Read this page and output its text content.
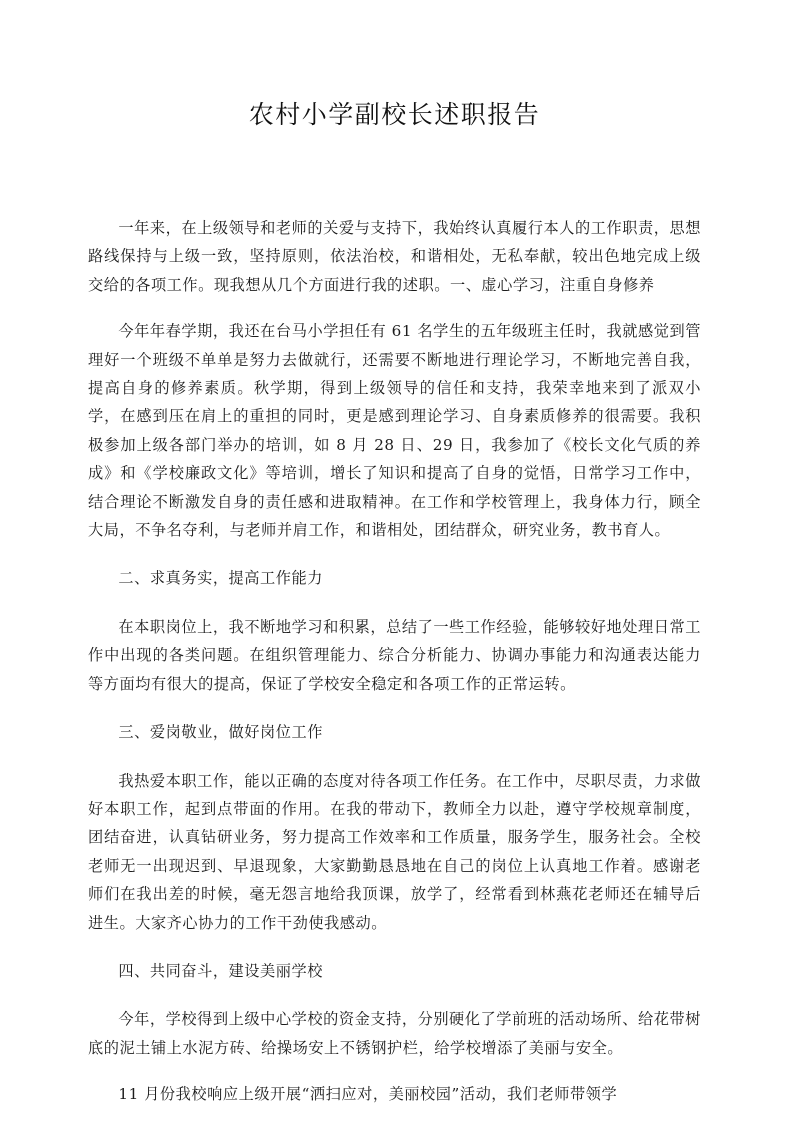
农村小学副校长述职报告

一年来，在上级领导和老师的关爱与支持下，我始终认真履行本人的工作职责，思想路线保持与上级一致，坚持原则，依法治校，和谐相处，无私奉献，较出色地完成上级交给的各项工作。现我想从几个方面进行我的述职。一、虚心学习，注重自身修养

今年年春学期，我还在台马小学担任有 61 名学生的五年级班主任时，我就感觉到管理好一个班级不单单是努力去做就行，还需要不断地进行理论学习，不断地完善自我，提高自身的修养素质。秋学期，得到上级领导的信任和支持，我荣幸地来到了派双小学，在感到压在肩上的重担的同时，更是感到理论学习、自身素质修养的很需要。我积极参加上级各部门举办的培训，如 8 月 28 日、29 日，我参加了《校长文化气质的养成》和《学校廉政文化》等培训，增长了知识和提高了自身的觉悟，日常学习工作中，结合理论不断激发自身的责任感和进取精神。在工作和学校管理上，我身体力行，顾全大局，不争名夺利，与老师并肩工作，和谐相处，团结群众，研究业务，教书育人。

二、求真务实，提高工作能力

在本职岗位上，我不断地学习和积累，总结了一些工作经验，能够较好地处理日常工作中出现的各类问题。在组织管理能力、综合分析能力、协调办事能力和沟通表达能力等方面均有很大的提高，保证了学校安全稳定和各项工作的正常运转。

三、爱岗敬业，做好岗位工作

我热爱本职工作，能以正确的态度对待各项工作任务。在工作中，尽职尽责，力求做好本职工作，起到点带面的作用。在我的带动下，教师全力以赴，遵守学校规章制度，团结奋进，认真钻研业务，努力提高工作效率和工作质量，服务学生，服务社会。全校老师无一出现迟到、早退现象，大家勤勤恳恳地在自己的岗位上认真地工作着。感谢老师们在我出差的时候，毫无怨言地给我顶课，放学了，经常看到林燕花老师还在辅导后进生。大家齐心协力的工作干劲使我感动。

四、共同奋斗，建设美丽学校

今年，学校得到上级中心学校的资金支持，分别硬化了学前班的活动场所、给花带树底的泥土铺上水泥方砖、给操场安上不锈钢护栏，给学校增添了美丽与安全。

11 月份我校响应上级开展“洒扫应对，美丽校园”活动，我们老师带领学
